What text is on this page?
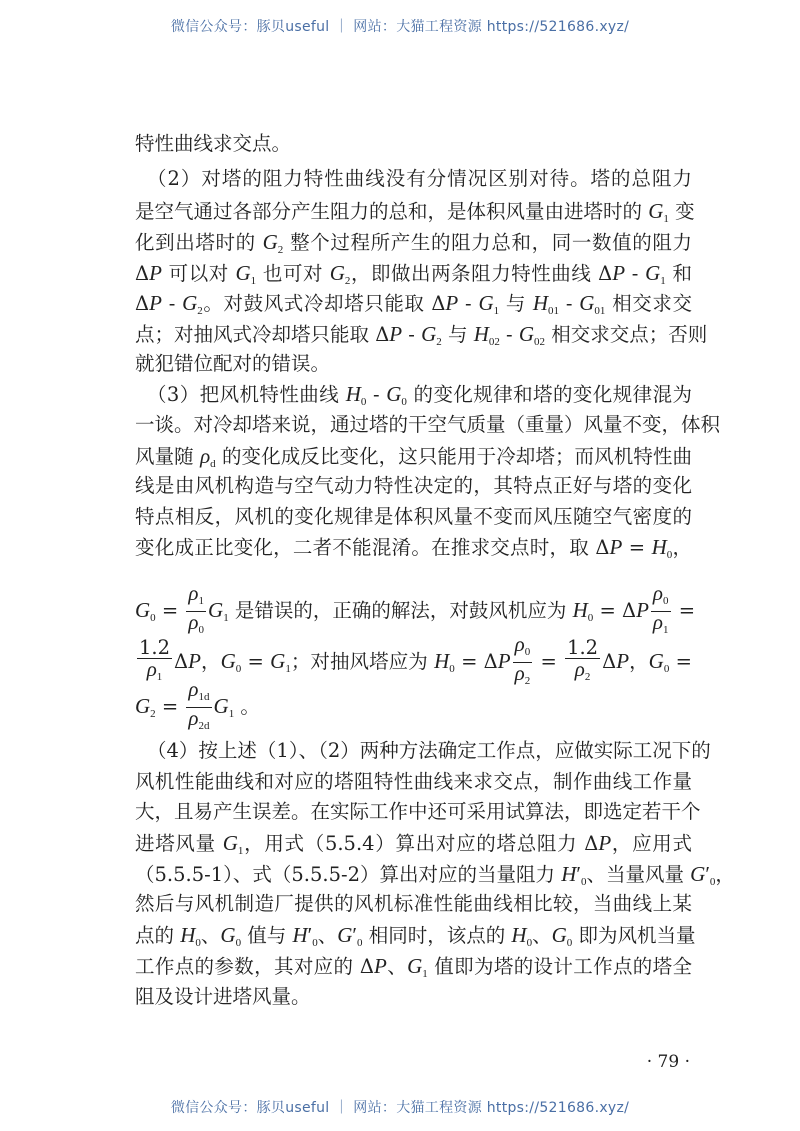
微信公众号：豚贝useful ｜ 网站：大猫工程资源 https://521686.xyz/
特性曲线求交点。
（2）对塔的阻力特性曲线没有分情况区别对待。塔的总阻力
是空气通过各部分产生阻力的总和，是体积风量由进塔时的 $G_1$ 变
化到出塔时的 $G_2$ 整个过程所产生的阻力总和，同一数值的阻力
ΔP 可以对 $G_1$ 也可对 $G_2$，即做出两条阻力特性曲线 ΔP - $G_1$ 和
ΔP - $G_2$。对鼓风式冷却塔只能取 ΔP - $G_1$ 与 $H_{01} - G_{01}$ 相交求交
点；对抽风式冷却塔只能取 ΔP - $G_2$ 与 $H_{02} - G_{02}$ 相交求交点；否则
就犯错位配对的错误。
（3）把风机特性曲线 $H_0 - G_0$ 的变化规律和塔的变化规律混为
一谈。对冷却塔来说，通过塔的干空气质量（重量）风量不变，体积
风量随 $\rho_d$ 的变化成反比变化，这只能用于冷却塔；而风机特性曲
线是由风机构造与空气动力特性决定的，其特点正好与塔的变化
特点相反，风机的变化规律是体积风量不变而风压随空气密度的
变化成正比变化，二者不能混淆。在推求交点时，取 $\Delta P = H_0$，
$G_0 = \frac{\rho_1}{\rho_0} G_1$ 是错误的，正确的解法，对鼓风机应为 $H_0 = \Delta P \frac{\rho_0}{\rho_1}$ =
$\frac{1.2}{\rho_1}$ ΔP，$G_0 = G_1$；对抽风塔应为 $H_0 = \Delta P \frac{\rho_0}{\rho_2} = \frac{1.2}{\rho_2}$ ΔP，$G_0$ =
$G_2 = \frac{\rho_{1d}}{\rho_{2d}} G_1$ 。
（4）按上述（1）、（2）两种方法确定工作点，应做实际工况下的
风机性能曲线和对应的塔阻特性曲线来求交点，制作曲线工作量
大，且易产生误差。在实际工作中还可采用试算法，即选定若干个
进塔风量 $G_1$，用式（5.5.4）算出对应的塔总阻力 ΔP，应用式
（5.5.5-1）、式（5.5.5-2）算出对应的当量阻力 $H'_0$、当量风量 $G'_0$，
然后与风机制造厂提供的风机标准性能曲线相比较，当曲线上某
点的 $H_0$、$G_0$ 值与 $H'_0$、$G'_0$ 相同时，该点的 $H_0$、$G_0$ 即为风机当量
工作点的参数，其对应的 ΔP、$G_1$ 值即为塔的设计工作点的塔全
阻及设计进塔风量。
· 79 ·
微信公众号：豚贝useful ｜ 网站：大猫工程资源 https://521686.xyz/
